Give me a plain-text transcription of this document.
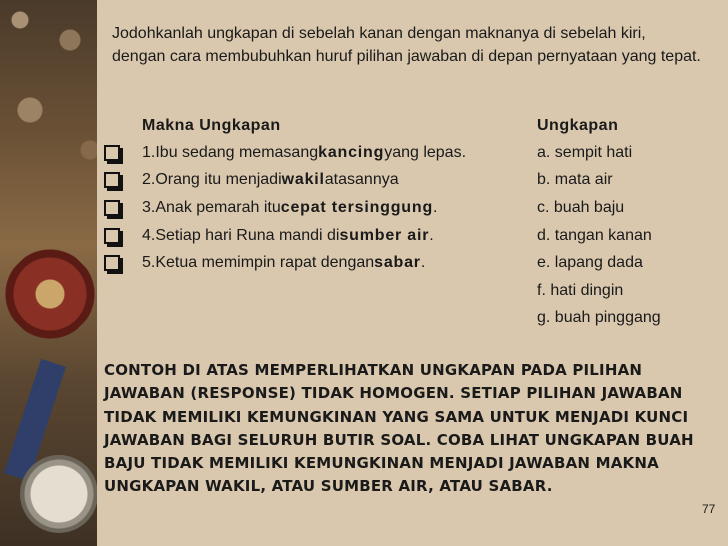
Jodohkanlah ungkapan di sebelah kanan dengan maknanya di sebelah kiri, dengan cara membubuhkan huruf pilihan jawaban di depan pernyataan yang tepat.

Makna Ungkapan	Ungkapan
1.Ibu sedang memasang kancing yang lepas.
2.Orang itu menjadi wakil atasannya
3.Anak pemarah itu cepat tersinggung .
4.Setiap hari Runa mandi di sumber air .
5.Ketua memimpin rapat dengan sabar .
a. sempit hati
b. mata air
c. buah baju
d. tangan kanan
e. lapang dada
f. hati dingin
g. buah pinggang

CONTOH DI ATAS MEMPERLIHATKAN UNGKAPAN PADA PILIHAN JAWABAN (RESPONSE) TIDAK HOMOGEN. SETIAP PILIHAN JAWABAN TIDAK MEMILIKI KEMUNGKINAN YANG SAMA UNTUK MENJADI KUNCI JAWABAN BAGI SELURUH BUTIR SOAL. COBA LIHAT UNGKAPAN BUAH BAJU TIDAK MEMILIKI KEMUNGKINAN MENJADI JAWABAN MAKNA UNGKAPAN WAKIL, ATAU SUMBER AIR, ATAU SABAR.

77
